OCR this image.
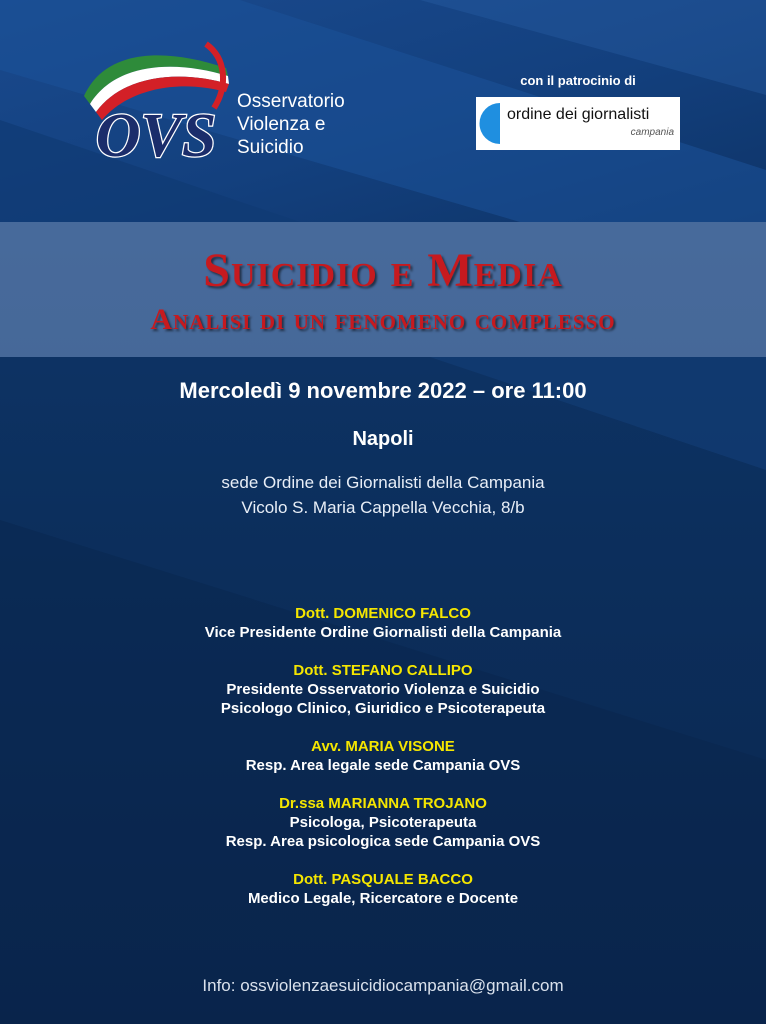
OVS
Osservatorio
Violenza e
Suicidio
con il patrocinio di
ordine dei giornalisti
campania
Suicidio e Media
Analisi di un fenomeno complesso
Mercoledì 9 novembre 2022 – ore 11:00
Napoli
sede Ordine dei Giornalisti della Campania
Vicolo S. Maria Cappella Vecchia, 8/b
Dott. DOMENICO FALCO
Vice Presidente Ordine Giornalisti della Campania
Dott. STEFANO CALLIPO
Presidente Osservatorio Violenza e Suicidio
Psicologo Clinico, Giuridico e Psicoterapeuta
Avv. MARIA VISONE
Resp. Area legale sede Campania OVS
Dr.ssa MARIANNA TROJANO
Psicologa, Psicoterapeuta
Resp. Area psicologica sede Campania OVS
Dott. PASQUALE BACCO
Medico Legale, Ricercatore e Docente
Info: ossviolenzaesuicidiocampania@gmail.com
